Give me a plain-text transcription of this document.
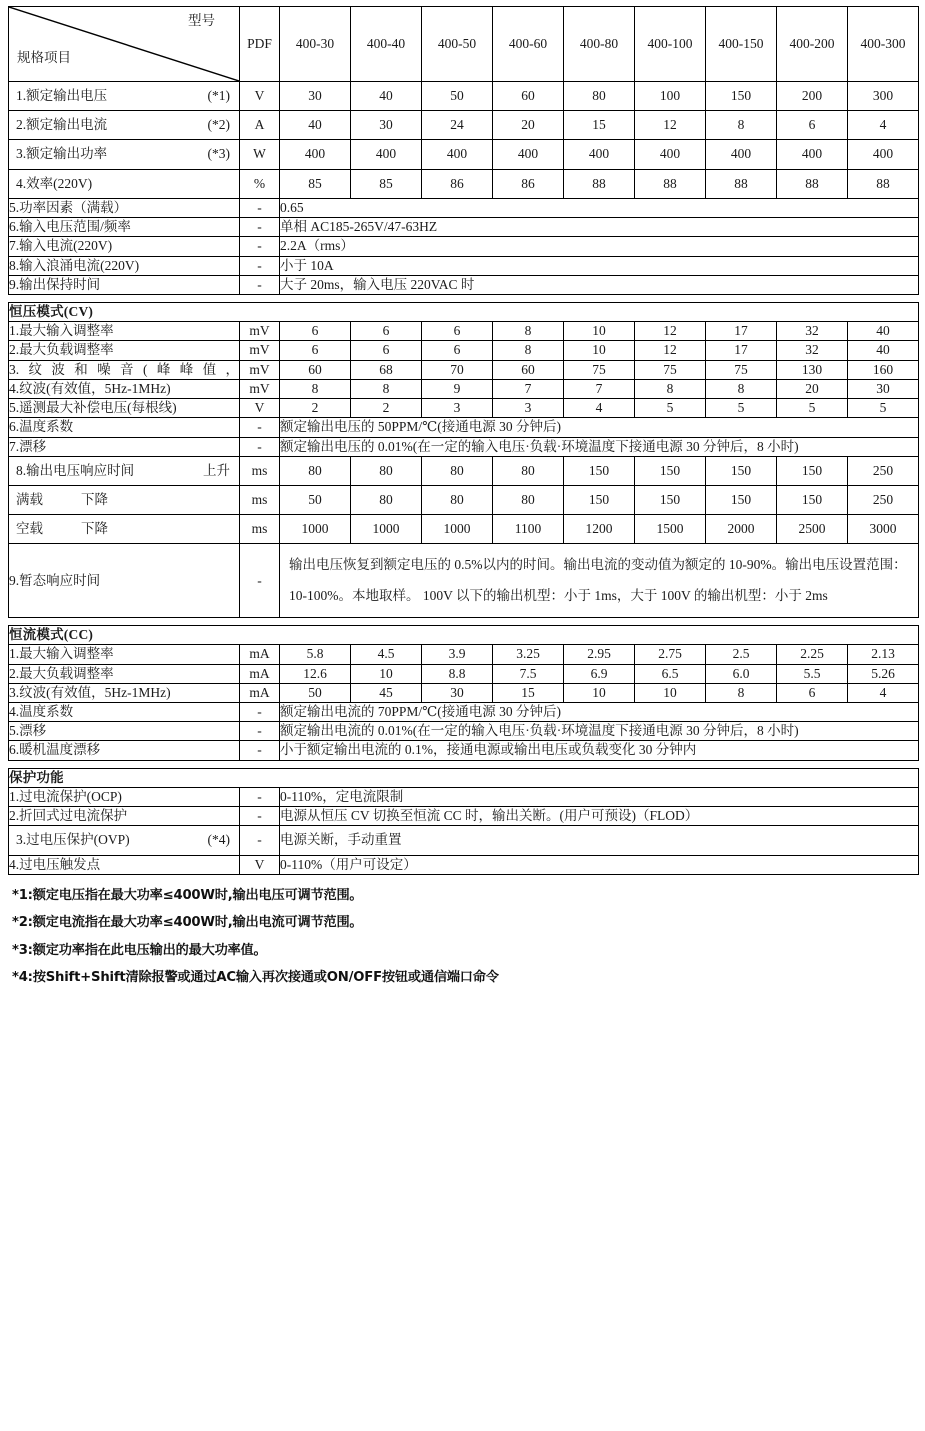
型号
规格项目	PDF	400-30	400-40	400-50	400-60	400-80	400-100	400-150	400-200	400-300

1.额定输出电压 (*1)	V	30	40	50	60	80	100	150	200	300

2.额定输出电流 (*2)	A	40	30	24	20	15	12	8	6	4

3.额定输出功率 (*3)	W	400	400	400	400	400	400	400	400	400

4.效率(220V)	%	85	85	86	86	88	88	88	88	88
5.功率因素（满载）	-	0.65								
6.输入电压范围/频率	-	单相 AC185-265V/47-63HZ								
7.输入电流(220V)	-	2.2A（rms）								
8.输入浪涌电流(220V)	-	小于 10A								
9.输出保持时间	-	大子 20ms，输入电压 220VAC 时								
恒压模式(CV)										
1.最大输入调整率	mV	6	6	6	8	10	12	17	32	40
2.最大负载调整率	mV	6	6	6	8	10	12	17	32	40
3.纹波和噪音(峰峰值，	mV	60	68	70	60	75	75	75	130	160
4.纹波(有效值，5Hz-1MHz)	mV	8	8	9	7	7	8	8	20	30
5.遥测最大补偿电压(每根线)	V	2	2	3	3	4	5	5	5	5
6.温度系数	-	额定输出电压的 50PPM/℃(接通电源 30 分钟后)								
7.漂移	-	额定输出电压的 0.01%(在一定的输入电压·负载·环境温度下接通电源 30 分钟后，8 小时)								

8.输出电压响应时间 上升	ms	80	80	80	80	150	150	150	150	250

满载 下降	ms	50	80	80	80	150	150	150	150	250

空载 下降	ms	1000	1000	1000	1100	1200	1500	2000	2500	3000
9.暂态响应时间	-	输出电压恢复到额定电压的 0.5%以内的时间。输出电流的变动值为额定的 10-90%。输出电压设置范围：10-100%。本地取样。 100V 以下的输出机型：小于 1ms，大于 100V 的输出机型：小于 2ms								
恒流模式(CC)										
1.最大输入调整率	mA	5.8	4.5	3.9	3.25	2.95	2.75	2.5	2.25	2.13
2.最大负载调整率	mA	12.6	10	8.8	7.5	6.9	6.5	6.0	5.5	5.26
3.纹波(有效值，5Hz-1MHz)	mA	50	45	30	15	10	10	8	6	4
4.温度系数	-	额定输出电流的 70PPM/℃(接通电源 30 分钟后)								
5.漂移	-	额定输出电流的 0.01%(在一定的输入电压·负载·环境温度下接通电源 30 分钟后，8 小时)								
6.暖机温度漂移	-	小于额定输出电流的 0.1%，接通电源或输出电压或负载变化 30 分钟内								
保护功能		
1.过电流保护(OCP)	-	0-110%，定电流限制
2.折回式过电流保护	-	电源从恒压 CV 切换至恒流 CC 时，输出关断。(用户可预设)（FLOD）

3.过电压保护(OVP) (*4)	-	电源关断，手动重置
4.过电压触发点	V	0-110%（用户可设定）
*1:额定电压指在最大功率≤400W时,输出电压可调节范围。
*2:额定电流指在最大功率≤400W时,输出电流可调节范围。
*3:额定功率指在此电压输出的最大功率值。
*4:按Shift+Shift清除报警或通过AC输入再次接通或ON/OFF按钮或通信端口命令
